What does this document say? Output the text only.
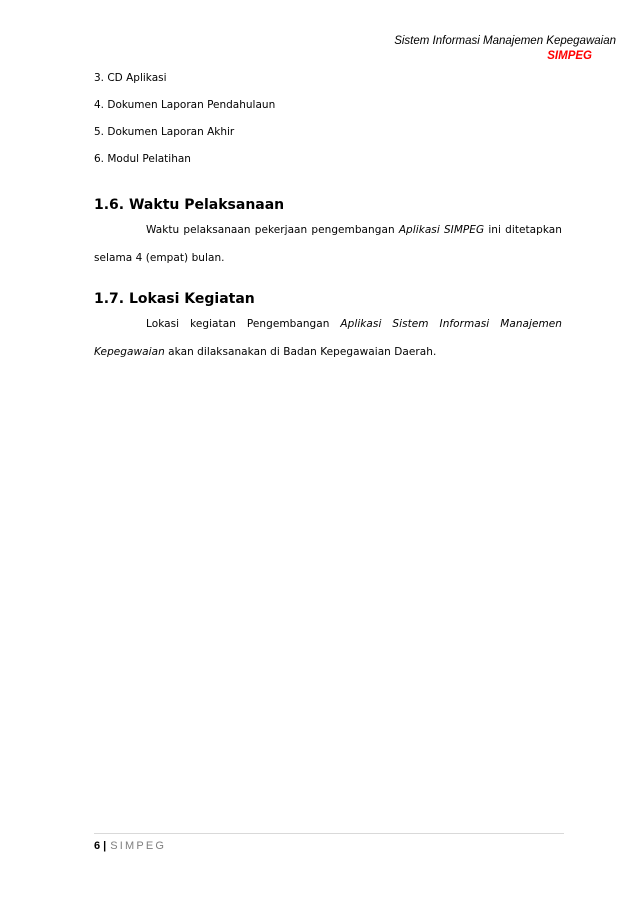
Sistem Informasi Manajemen Kepegawaian
SIMPEG
3. CD Aplikasi
4. Dokumen Laporan Pendahulaun
5. Dokumen Laporan Akhir
6. Modul Pelatihan
1.6. Waktu Pelaksanaan

Waktu pelaksanaan pekerjaan pengembangan Aplikasi SIMPEG ini ditetapkan selama 4 (empat) bulan.

1.7. Lokasi Kegiatan

Lokasi kegiatan Pengembangan Aplikasi Sistem Informasi Manajemen Kepegawaian akan dilaksanakan di Badan Kepegawaian Daerah.

6 | SIMPEG
